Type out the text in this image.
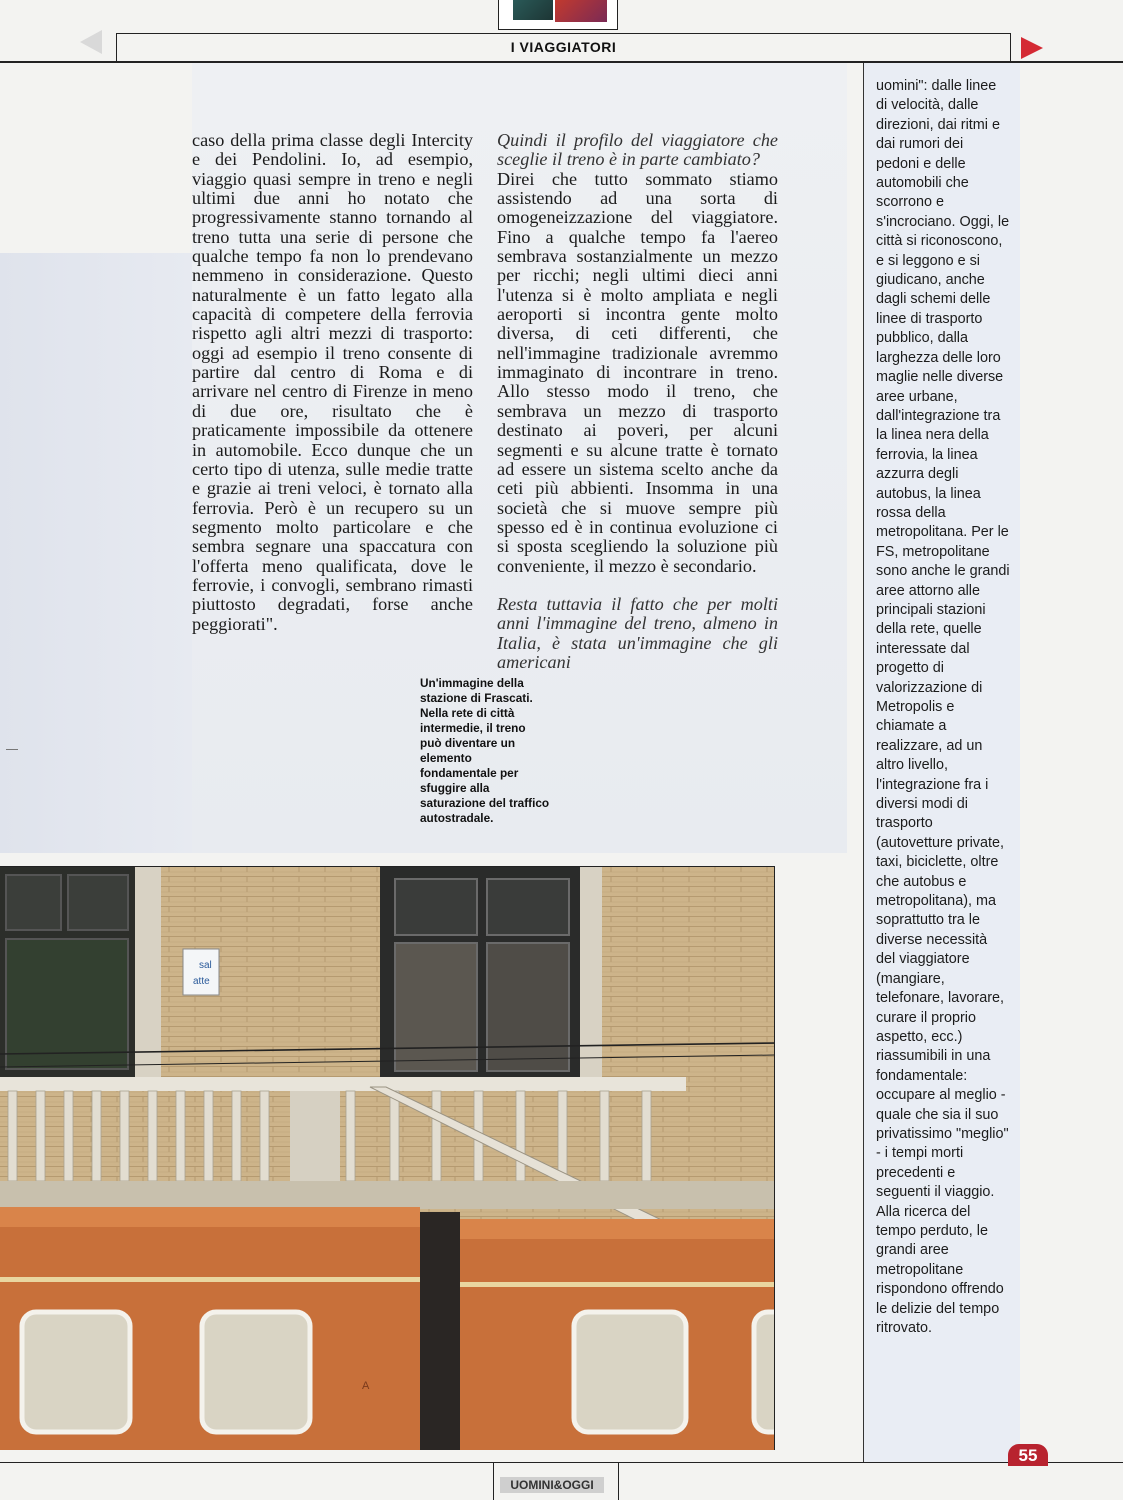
I VIAGGIATORI

caso della prima classe degli Intercity e dei Pendolini. Io, ad esempio, viaggio quasi sempre in treno e negli ultimi due anni ho notato che progressivamente stanno tornando al treno tutta una serie di persone che qualche tempo fa non lo prendevano nemmeno in considerazione. Questo naturalmente è un fatto legato alla capacità di competere della ferrovia rispetto agli altri mezzi di trasporto: oggi ad esempio il treno consente di partire dal centro di Roma e di arrivare nel centro di Firenze in meno di due ore, risultato che è praticamente impossibile da ottenere in automobile. Ecco dunque che un certo tipo di utenza, sulle medie tratte e grazie ai treni veloci, è tornato alla ferrovia. Però è un recupero su un segmento molto particolare e che sembra segnare una spaccatura con l'offerta meno qualificata, dove le ferrovie, i convogli, sembrano rimasti piuttosto degradati, forse anche peggiorati".

Quindi il profilo del viaggiatore che sceglie il treno è in parte cambiato?

Direi che tutto sommato stiamo assistendo ad una sorta di omogeneizzazione del viaggiatore. Fino a qualche tempo fa l'aereo sembrava sostanzialmente un mezzo per ricchi; negli ultimi dieci anni l'utenza si è molto ampliata e negli aeroporti si incontra gente molto diversa, di ceti differenti, che nell'immagine tradizionale avremmo immaginato di incontrare in treno. Allo stesso modo il treno, che sembrava un mezzo di trasporto destinato ai poveri, per alcuni segmenti e su alcune tratte è tornato ad essere un sistema scelto anche da ceti più abbienti. Insomma in una società che si muove sempre più spesso ed è in continua evoluzione ci si sposta scegliendo la soluzione più conveniente, il mezzo è secondario.

Resta tuttavia il fatto che per molti anni l'immagine del treno, almeno in Italia, è stata un'immagine che gli americani

uomini": dalle linee di velocità, dalle direzioni, dai ritmi e dai rumori dei pedoni e delle automobili che scorrono e s'incrociano. Oggi, le città si riconoscono, e si leggono e si giudicano, anche dagli schemi delle linee di trasporto pubblico, dalla larghezza delle loro maglie nelle diverse aree urbane, dall'integrazione tra la linea nera della ferrovia, la linea azzurra degli autobus, la linea rossa della metropolitana. Per le FS, metropolitane sono anche le grandi aree attorno alle principali stazioni della rete, quelle interessate dal progetto di valorizzazione di Metropolis e chiamate a realizzare, ad un altro livello, l'integrazione fra i diversi modi di trasporto (autovetture private, taxi, biciclette, oltre che autobus e metropolitana), ma soprattutto tra le diverse necessità del viaggiatore (mangiare, telefonare, lavorare, curare il proprio aspetto, ecc.) riassumibili in una fondamentale: occupare al meglio - quale che sia il suo privatissimo "meglio" - i tempi morti precedenti e seguenti il viaggio. Alla ricerca del tempo perduto, le grandi aree metropolitane rispondono offrendo le delizie del tempo ritrovato.
Un'immagine della stazione di Frascati. Nella rete di città intermedie, il treno può diventare un elemento fondamentale per sfuggire alla saturazione del traffico autostradale.
sal
atte
A
UOMINI&OGGI
55
